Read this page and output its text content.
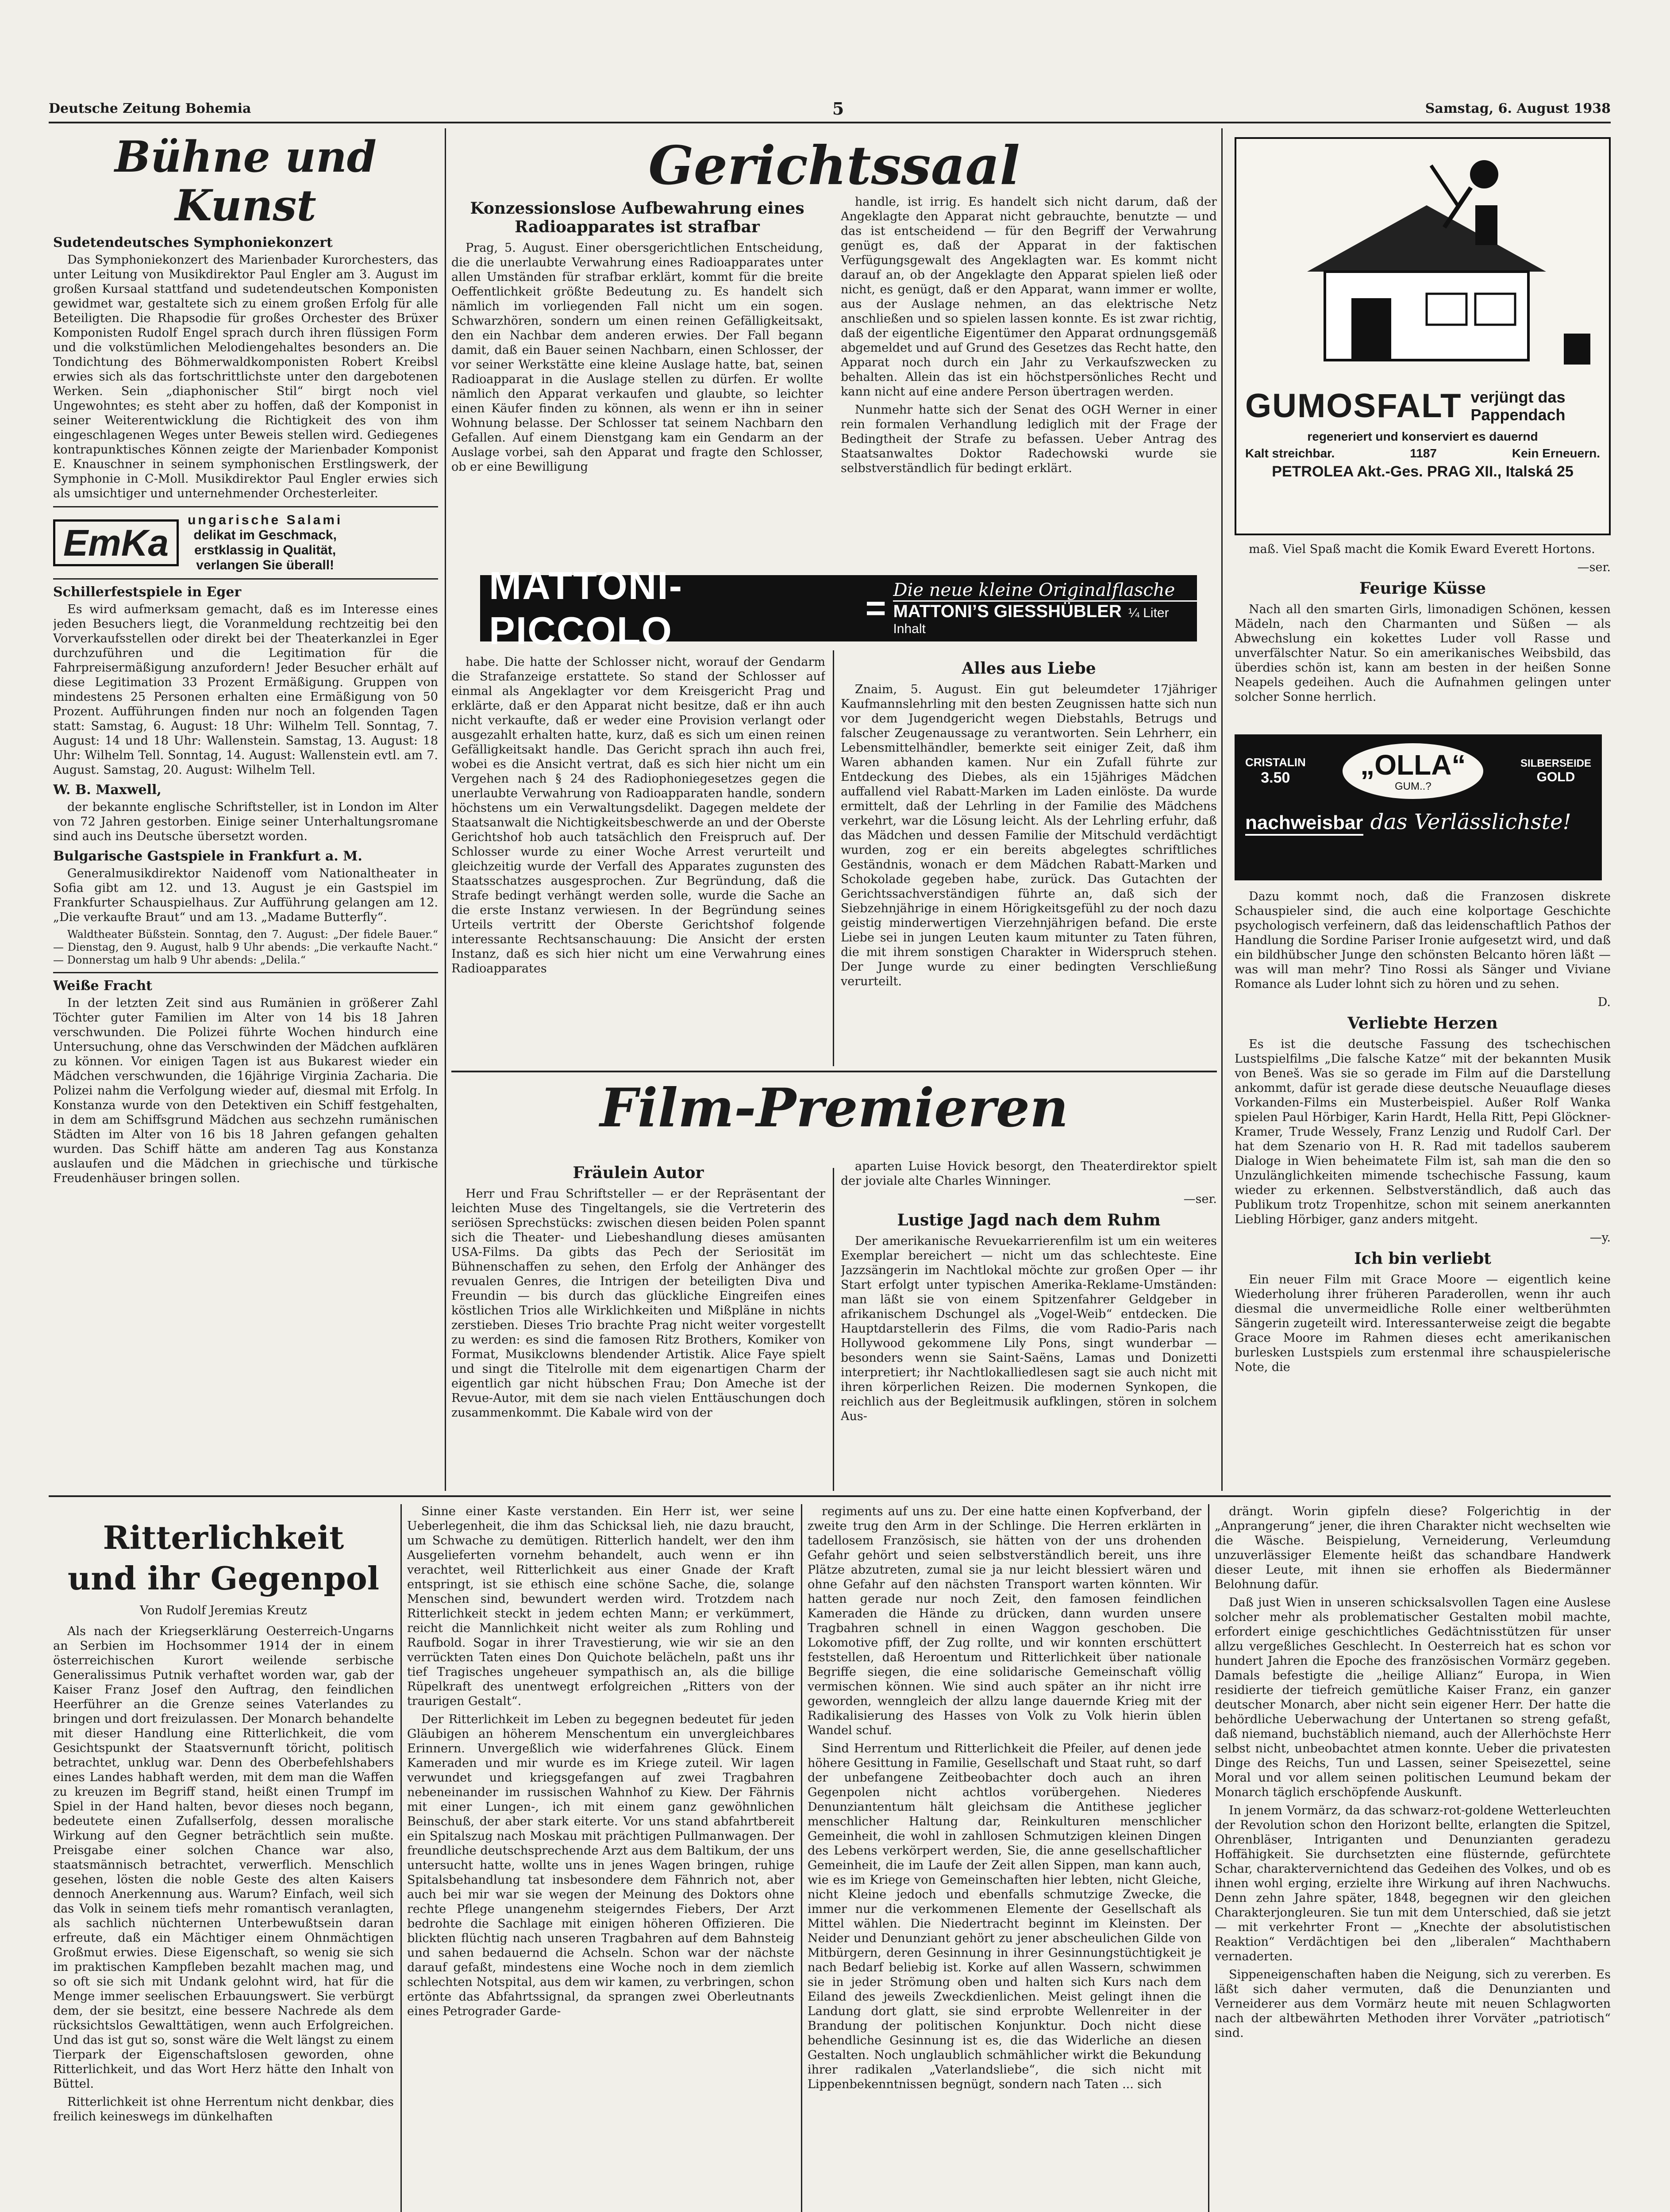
Deutsche Zeitung Bohemia	5	Samstag, 6. August 1938
Bühne und Kunst
Sudetendeutsches Symphoniekonzert

Das Symphoniekonzert des Marienbader Kurorchesters, das unter Leitung von Musikdirektor Paul Engler am 3. August im großen Kursaal stattfand und sudetendeutschen Komponisten gewidmet war, gestaltete sich zu einem großen Erfolg für alle Beteiligten. Die Rhapsodie für großes Orchester des Brüxer Komponisten Rudolf Engel sprach durch ihren flüssigen Form und die volkstümlichen Melodiengehaltes besonders an. Die Tondichtung des Böhmerwaldkomponisten Robert Kreibsl erwies sich als das fortschrittlichste unter den dargebotenen Werken. Sein „diaphonischer Stil“ birgt noch viel Ungewohntes; es steht aber zu hoffen, daß der Komponist in seiner Weiterentwicklung die Richtigkeit des von ihm eingeschlagenen Weges unter Beweis stellen wird. Gediegenes kontrapunktisches Können zeigte der Marienbader Komponist E. Knauschner in seinem symphonischen Erstlingswerk, der Symphonie in C-Moll. Musikdirektor Paul Engler erwies sich als umsichtiger und unternehmender Orchesterleiter.

EmKa
ungarische Salami
delikat im Geschmack,
erstklassig in Qualität,
verlangen Sie überall!
Schillerfestspiele in Eger

Es wird aufmerksam gemacht, daß es im Interesse eines jeden Besuchers liegt, die Voranmeldung rechtzeitig bei den Vorverkaufsstellen oder direkt bei der Theaterkanzlei in Eger durchzuführen und die Legitimation für die Fahrpreisermäßigung anzufordern! Jeder Besucher erhält auf diese Legitimation 33 Prozent Ermäßigung. Gruppen von mindestens 25 Personen erhalten eine Ermäßigung von 50 Prozent. Aufführungen finden nur noch an folgenden Tagen statt: Samstag, 6. August: 18 Uhr: Wilhelm Tell. Sonntag, 7. August: 14 und 18 Uhr: Wallenstein. Samstag, 13. August: 18 Uhr: Wilhelm Tell. Sonntag, 14. August: Wallenstein evtl. am 7. August. Samstag, 20. August: Wilhelm Tell.

W. B. Maxwell,

der bekannte englische Schriftsteller, ist in London im Alter von 72 Jahren gestorben. Einige seiner Unterhaltungsromane sind auch ins Deutsche übersetzt worden.

Bulgarische Gastspiele in Frankfurt a. M.

Generalmusikdirektor Naidenoff vom Nationaltheater in Sofia gibt am 12. und 13. August je ein Gastspiel im Frankfurter Schauspielhaus. Zur Aufführung gelangen am 12. „Die verkaufte Braut“ und am 13. „Madame Butterfly“.

Waldtheater Büßstein. Sonntag, den 7. August: „Der fidele Bauer.“ — Dienstag, den 9. August, halb 9 Uhr abends: „Die verkaufte Nacht.“ — Donnerstag um halb 9 Uhr abends: „Delila.“

Weiße Fracht

In der letzten Zeit sind aus Rumänien in größerer Zahl Töchter guter Familien im Alter von 14 bis 18 Jahren verschwunden. Die Polizei führte Wochen hindurch eine Untersuchung, ohne das Verschwinden der Mädchen aufklären zu können. Vor einigen Tagen ist aus Bukarest wieder ein Mädchen verschwunden, die 16jährige Virginia Zacharia. Die Polizei nahm die Verfolgung wieder auf, diesmal mit Erfolg. In Konstanza wurde von den Detektiven ein Schiff festgehalten, in dem am Schiffsgrund Mädchen aus sechzehn rumänischen Städten im Alter von 16 bis 18 Jahren gefangen gehalten wurden. Das Schiff hätte am anderen Tag aus Konstanza auslaufen und die Mädchen in griechische und türkische Freudenhäuser bringen sollen.

Gerichtssaal
Konzessionslose Aufbewahrung eines Radioapparates ist strafbar

Prag, 5. August. Einer obersgerichtlichen Entscheidung, die die unerlaubte Verwahrung eines Radioapparates unter allen Umständen für strafbar erklärt, kommt für die breite Oeffentlichkeit größte Bedeutung zu. Es handelt sich nämlich im vorliegenden Fall nicht um ein sogen. Schwarzhören, sondern um einen reinen Gefälligkeitsakt, den ein Nachbar dem anderen erwies. Der Fall begann damit, daß ein Bauer seinen Nachbarn, einen Schlosser, der vor seiner Werkstätte eine kleine Auslage hatte, bat, seinen Radioapparat in die Auslage stellen zu dürfen. Er wollte nämlich den Apparat verkaufen und glaubte, so leichter einen Käufer finden zu können, als wenn er ihn in seiner Wohnung belasse. Der Schlosser tat seinem Nachbarn den Gefallen. Auf einem Dienstgang kam ein Gendarm an der Auslage vorbei, sah den Apparat und fragte den Schlosser, ob er eine Bewilligung

handle, ist irrig. Es handelt sich nicht darum, daß der Angeklagte den Apparat nicht gebrauchte, benutzte — und das ist entscheidend — für den Begriff der Verwahrung genügt es, daß der Apparat in der faktischen Verfügungsgewalt des Angeklagten war. Es kommt nicht darauf an, ob der Angeklagte den Apparat spielen ließ oder nicht, es genügt, daß er den Apparat, wann immer er wollte, aus der Auslage nehmen, an das elektrische Netz anschließen und so spielen lassen konnte. Es ist zwar richtig, daß der eigentliche Eigentümer den Apparat ordnungsgemäß abgemeldet und auf Grund des Gesetzes das Recht hatte, den Apparat noch durch ein Jahr zu Verkaufszwecken zu behalten. Allein das ist ein höchstpersönliches Recht und kann nicht auf eine andere Person übertragen werden.

Nunmehr hatte sich der Senat des OGH Werner in einer rein formalen Verhandlung lediglich mit der Frage der Bedingtheit der Strafe zu befassen. Ueber Antrag des Staatsanwaltes Doktor Radechowski wurde sie selbstverständlich für bedingt erklärt.

MATTONI-PICCOLO
= Die neue kleine Originalflasche
MATTONI’S GIESSHÜBLER ¼ Liter Inhalt

habe. Die hatte der Schlosser nicht, worauf der Gendarm die Strafanzeige erstattete. So stand der Schlosser auf einmal als Angeklagter vor dem Kreisgericht Prag und erklärte, daß er den Apparat nicht besitze, daß er ihn auch nicht verkaufte, daß er weder eine Provision verlangt oder ausgezahlt erhalten hatte, kurz, daß es sich um einen reinen Gefälligkeitsakt handle. Das Gericht sprach ihn auch frei, wobei es die Ansicht vertrat, daß es sich hier nicht um ein Vergehen nach § 24 des Radiophoniegesetzes gegen die unerlaubte Verwahrung von Radioapparaten handle, sondern höchstens um ein Verwaltungsdelikt. Dagegen meldete der Staatsanwalt die Nichtigkeitsbeschwerde an und der Oberste Gerichtshof hob auch tatsächlich den Freispruch auf. Der Schlosser wurde zu einer Woche Arrest verurteilt und gleichzeitig wurde der Verfall des Apparates zugunsten des Staatsschatzes ausgesprochen. Zur Begründung, daß die Strafe bedingt verhängt werden solle, wurde die Sache an die erste Instanz verwiesen. In der Begründung seines Urteils vertritt der Oberste Gerichtshof folgende interessante Rechtsanschauung: Die Ansicht der ersten Instanz, daß es sich hier nicht um eine Verwahrung eines Radioapparates

Alles aus Liebe

Znaim, 5. August. Ein gut beleumdeter 17jähriger Kaufmannslehrling mit den besten Zeugnissen hatte sich nun vor dem Jugendgericht wegen Diebstahls, Betrugs und falscher Zeugenaussage zu verantworten. Sein Lehrherr, ein Lebensmittelhändler, bemerkte seit einiger Zeit, daß ihm Waren abhanden kamen. Nur ein Zufall führte zur Entdeckung des Diebes, als ein 15jähriges Mädchen auffallend viel Rabatt-Marken im Laden einlöste. Da wurde ermittelt, daß der Lehrling in der Familie des Mädchens verkehrt, war die Lösung leicht. Als der Lehrling erfuhr, daß das Mädchen und dessen Familie der Mitschuld verdächtigt wurden, zog er ein bereits abgelegtes schriftliches Geständnis, wonach er dem Mädchen Rabatt-Marken und Schokolade gegeben habe, zurück. Das Gutachten der Gerichtssachverständigen führte an, daß sich der Siebzehnjährige in einem Hörigkeitsgefühl zu der noch dazu geistig minderwertigen Vierzehnjährigen befand. Die erste Liebe sei in jungen Leuten kaum mitunter zu Taten führen, die mit ihrem sonstigen Charakter in Widerspruch stehen. Der Junge wurde zu einer bedingten Verschließung verurteilt.

Film-Premieren
Fräulein Autor

Herr und Frau Schriftsteller — er der Repräsentant der leichten Muse des Tingeltangels, sie die Vertreterin des seriösen Sprechstücks: zwischen diesen beiden Polen spannt sich die Theater- und Liebeshandlung dieses amüsanten USA-Films. Da gibts das Pech der Seriosität im Bühnenschaffen zu sehen, den Erfolg der Anhänger des revualen Genres, die Intrigen der beteiligten Diva und Freundin — bis durch das glückliche Eingreifen eines köstlichen Trios alle Wirklichkeiten und Mißpläne in nichts zerstieben. Dieses Trio brachte Prag nicht weiter vorgestellt zu werden: es sind die famosen Ritz Brothers, Komiker von Format, Musikclowns blendender Artistik. Alice Faye spielt und singt die Titelrolle mit dem eigenartigen Charm der eigentlich gar nicht hübschen Frau; Don Ameche ist der Revue-Autor, mit dem sie nach vielen Enttäuschungen doch zusammenkommt. Die Kabale wird von der

aparten Luise Hovick besorgt, den Theaterdirektor spielt der joviale alte Charles Winninger.

—ser.
Lustige Jagd nach dem Ruhm

Der amerikanische Revuekarrierenfilm ist um ein weiteres Exemplar bereichert — nicht um das schlechteste. Eine Jazzsängerin im Nachtlokal möchte zur großen Oper — ihr Start erfolgt unter typischen Amerika-Reklame-Umständen: man läßt sie von einem Spitzenfahrer Geldgeber in afrikanischem Dschungel als „Vogel-Weib“ entdecken. Die Hauptdarstellerin des Films, die vom Radio-Paris nach Hollywood gekommene Lily Pons, singt wunderbar — besonders wenn sie Saint-Saëns, Lamas und Donizetti interpretiert; ihr Nachtlokalliedlesen sagt sie auch nicht mit ihren körperlichen Reizen. Die modernen Synkopen, die reichlich aus der Begleitmusik aufklingen, stören in solchem Aus-

GUMOSFALT verjüngt das
Pappendach
regeneriert und konserviert es dauernd
Kalt streichbar.	1187	Kein Erneuern.
PETROLEA Akt.-Ges. PRAG XII., Italská 25

maß. Viel Spaß macht die Komik Eward Everett Hortons.

—ser.
Feurige Küsse

Nach all den smarten Girls, limonadigen Schönen, kessen Mädeln, nach den Charmanten und Süßen — als Abwechslung ein kokettes Luder voll Rasse und unverfälschter Natur. So ein amerikanisches Weibsbild, das überdies schön ist, kann am besten in der heißen Sonne Neapels gedeihen. Auch die Aufnahmen gelingen unter solcher Sonne herrlich.

CRISTALIN
3.50	„OLLA“
GUM..?
SILBERSEIDE
GOLD
nachweisbar das Verlässlichste!

Dazu kommt noch, daß die Franzosen diskrete Schauspieler sind, die auch eine kolportage Geschichte psychologisch verfeinern, daß das leidenschaftlich Pathos der Handlung die Sordine Pariser Ironie aufgesetzt wird, und daß ein bildhübscher Junge den schönsten Belcanto hören läßt — was will man mehr? Tino Rossi als Sänger und Viviane Romance als Luder lohnt sich zu hören und zu sehen.

D.
Verliebte Herzen

Es ist die deutsche Fassung des tschechischen Lustspielfilms „Die falsche Katze“ mit der bekannten Musik von Beneš. Was sie so gerade im Film auf die Darstellung ankommt, dafür ist gerade diese deutsche Neuauflage dieses Vorkanden-Films ein Musterbeispiel. Außer Rolf Wanka spielen Paul Hörbiger, Karin Hardt, Hella Ritt, Pepi Glöckner-Kramer, Trude Wessely, Franz Lenzig und Rudolf Carl. Der hat dem Szenario von H. R. Rad mit tadellos sauberem Dialoge in Wien beheimatete Film ist, sah man die den so Unzulänglichkeiten mimende tschechische Fassung, kaum wieder zu erkennen. Selbstverständlich, daß auch das Publikum trotz Tropenhitze, schon mit seinem anerkannten Liebling Hörbiger, ganz anders mitgeht.

—y.
Ich bin verliebt

Ein neuer Film mit Grace Moore — eigentlich keine Wiederholung ihrer früheren Paraderollen, wenn ihr auch diesmal die unvermeidliche Rolle einer weltberühmten Sängerin zugeteilt wird. Interessanterweise zeigt die begabte Grace Moore im Rahmen dieses echt amerikanischen burlesken Lustspiels zum erstenmal ihre schauspielerische Note, die

Ritterlichkeit
und ihr Gegenpol
Von Rudolf Jeremias Kreutz

Als nach der Kriegserklärung Oesterreich-Ungarns an Serbien im Hochsommer 1914 der in einem österreichischen Kurort weilende serbische Generalissimus Putnik verhaftet worden war, gab der Kaiser Franz Josef den Auftrag, den feindlichen Heerführer an die Grenze seines Vaterlandes zu bringen und dort freizulassen. Der Monarch behandelte mit dieser Handlung eine Ritterlichkeit, die vom Gesichtspunkt der Staatsvernunft töricht, politisch betrachtet, unklug war. Denn des Oberbefehlshabers eines Landes habhaft werden, mit dem man die Waffen zu kreuzen im Begriff stand, heißt einen Trumpf im Spiel in der Hand halten, bevor dieses noch begann, bedeutete einen Zufallserfolg, dessen moralische Wirkung auf den Gegner beträchtlich sein mußte. Preisgabe einer solchen Chance war also, staatsmännisch betrachtet, verwerflich. Menschlich gesehen, lösten die noble Geste des alten Kaisers dennoch Anerkennung aus. Warum? Einfach, weil sich das Volk in seinem tiefs mehr romantisch veranlagten, als sachlich nüchternen Unterbewußtsein daran erfreute, daß ein Mächtiger einem Ohnmächtigen Großmut erwies. Diese Eigenschaft, so wenig sie sich im praktischen Kampfleben bezahlt machen mag, und so oft sie sich mit Undank gelohnt wird, hat für die Menge immer seelischen Erbauungswert. Sie verbürgt dem, der sie besitzt, eine bessere Nachrede als dem rücksichtslos Gewalttätigen, wenn auch Erfolgreichen. Und das ist gut so, sonst wäre die Welt längst zu einem Tierpark der Eigenschaftslosen geworden, ohne Ritterlichkeit, und das Wort Herz hätte den Inhalt von Büttel.

Ritterlichkeit ist ohne Herrentum nicht denkbar, dies freilich keineswegs im dünkelhaften

Sinne einer Kaste verstanden. Ein Herr ist, wer seine Ueberlegenheit, die ihm das Schicksal lieh, nie dazu braucht, um Schwache zu demütigen. Ritterlich handelt, wer den ihm Ausgelieferten vornehm behandelt, auch wenn er ihn verachtet, weil Ritterlichkeit aus einer Gnade der Kraft entspringt, ist sie ethisch eine schöne Sache, die, solange Menschen sind, bewundert werden wird. Trotzdem nach Ritterlichkeit steckt in jedem echten Mann; er verkümmert, reicht die Mannlichkeit nicht weiter als zum Rohling und Raufbold. Sogar in ihrer Travestierung, wie wir sie an den verrückten Taten eines Don Quichote belächeln, paßt uns ihr tief Tragisches ungeheuer sympathisch an, als die billige Rüpelkraft des unentwegt erfolgreichen „Ritters von der traurigen Gestalt“.

Der Ritterlichkeit im Leben zu begegnen bedeutet für jeden Gläubigen an höherem Menschentum ein unvergleichbares Erinnern. Unvergeßlich wie widerfahrenes Glück. Einem Kameraden und mir wurde es im Kriege zuteil. Wir lagen verwundet und kriegsgefangen auf zwei Tragbahren nebeneinander im russischen Wahnhof zu Kiew. Der Fährnis mit einer Lungen-, ich mit einem ganz gewöhnlichen Beinschuß, der aber stark eiterte. Vor uns stand abfahrtbereit ein Spitalszug nach Moskau mit prächtigen Pullmanwagen. Der freundliche deutschsprechende Arzt aus dem Baltikum, der uns untersucht hatte, wollte uns in jenes Wagen bringen, ruhige Spitalsbehandlung tat insbesondere dem Fähnrich not, aber auch bei mir war sie wegen der Meinung des Doktors ohne rechte Pflege unangenehm steigerndes Fiebers, Der Arzt bedrohte die Sachlage mit einigen höheren Offizieren. Die blickten flüchtig nach unseren Tragbahren auf dem Bahnsteig und sahen bedauernd die Achseln. Schon war der nächste darauf gefaßt, mindestens eine Woche noch in dem ziemlich schlechten Notspital, aus dem wir kamen, zu verbringen, schon ertönte das Abfahrtssignal, da sprangen zwei Oberleutnants eines Petrograder Garde-

regiments auf uns zu. Der eine hatte einen Kopfverband, der zweite trug den Arm in der Schlinge. Die Herren erklärten in tadellosem Französisch, sie hätten von der uns drohenden Gefahr gehört und seien selbstverständlich bereit, uns ihre Plätze abzutreten, zumal sie ja nur leicht blessiert wären und ohne Gefahr auf den nächsten Transport warten könnten. Wir hatten gerade nur noch Zeit, den famosen feindlichen Kameraden die Hände zu drücken, dann wurden unsere Tragbahren schnell in einen Waggon geschoben. Die Lokomotive pfiff, der Zug rollte, und wir konnten erschüttert feststellen, daß Heroentum und Ritterlichkeit über nationale Begriffe siegen, die eine solidarische Gemeinschaft völlig vermischen können. Wie sind auch später an ihr nicht irre geworden, wenngleich der allzu lange dauernde Krieg mit der Radikalisierung des Hasses von Volk zu Volk hierin üblen Wandel schuf.

Sind Herrentum und Ritterlichkeit die Pfeiler, auf denen jede höhere Gesittung in Familie, Gesellschaft und Staat ruht, so darf der unbefangene Zeitbeobachter doch auch an ihren Gegenpolen nicht achtlos vorübergehen. Niederes Denunziantentum hält gleichsam die Antithese jeglicher menschlicher Haltung dar, Reinkulturen menschlicher Gemeinheit, die wohl in zahllosen Schmutzigen kleinen Dingen des Lebens verkörpert werden, Sie, die anne gesellschaftlicher Gemeinheit, die im Laufe der Zeit allen Sippen, man kann auch, wie es im Kriege von Gemeinschaften hier lebten, nicht Gleiche, nicht Kleine jedoch und ebenfalls schmutzige Zwecke, die immer nur die verkommenen Elemente der Gesellschaft als Mittel wählen. Die Niedertracht beginnt im Kleinsten. Der Neider und Denunziant gehört zu jener abscheulichen Gilde von Mitbürgern, deren Gesinnung in ihrer Gesinnungstüchtigkeit je nach Bedarf beliebig ist. Korke auf allen Wassern, schwimmen sie in jeder Strömung oben und halten sich Kurs nach dem Eiland des jeweils Zweckdienlichen. Meist gelingt ihnen die Landung dort glatt, sie sind erprobte Wellenreiter in der Brandung der politischen Konjunktur. Doch nicht diese behendliche Gesinnung ist es, die das Widerliche an diesen Gestalten. Noch unglaublich schmählicher wirkt die Bekundung ihrer radikalen „Vaterlandsliebe“, die sich nicht mit Lippenbekenntnissen begnügt, sondern nach Taten ... sich

drängt. Worin gipfeln diese? Folgerichtig in der „Anprangerung“ jener, die ihren Charakter nicht wechselten wie die Wäsche. Beispielung, Verneiderung, Verleumdung unzuverlässiger Elemente heißt das schandbare Handwerk dieser Leute, mit ihnen sie erhoffen als Biedermänner Belohnung dafür.

Daß just Wien in unseren schicksalsvollen Tagen eine Auslese solcher mehr als problematischer Gestalten mobil machte, erfordert einige geschichtliches Gedächtnisstützen für unser allzu vergeßliches Geschlecht. In Oesterreich hat es schon vor hundert Jahren die Epoche des französischen Vormärz gegeben. Damals befestigte die „heilige Allianz“ Europa, in Wien residierte der tiefreich gemütliche Kaiser Franz, ein ganzer deutscher Monarch, aber nicht sein eigener Herr. Der hatte die behördliche Ueberwachung der Untertanen so streng gefaßt, daß niemand, buchstäblich niemand, auch der Allerhöchste Herr selbst nicht, unbeobachtet atmen konnte. Ueber die privatesten Dinge des Reichs, Tun und Lassen, seiner Speisezettel, seine Moral und vor allem seinen politischen Leumund bekam der Monarch täglich erschöpfende Auskunft.

In jenem Vormärz, da das schwarz-rot-goldene Wetterleuchten der Revolution schon den Horizont bellte, erlangten die Spitzel, Ohrenbläser, Intriganten und Denunzianten geradezu Hoffähigkeit. Sie durchsetzten eine flüsternde, gefürchtete Schar, charaktervernichtend das Gedeihen des Volkes, und ob es ihnen wohl erging, erzielte ihre Wirkung auf ihren Nachwuchs. Denn zehn Jahre später, 1848, begegnen wir den gleichen Charakterjongleuren. Sie tun mit dem Unterschied, daß sie jetzt — mit verkehrter Front — „Knechte der absolutistischen Reaktion“ Verdächtigen bei den „liberalen“ Machthabern vernaderten.

Sippeneigenschaften haben die Neigung, sich zu vererben. Es läßt sich daher vermuten, daß die Denunzianten und Verneiderer aus dem Vormärz heute mit neuen Schlagworten nach der altbewährten Methoden ihrer Vorväter „patriotisch“ sind.
